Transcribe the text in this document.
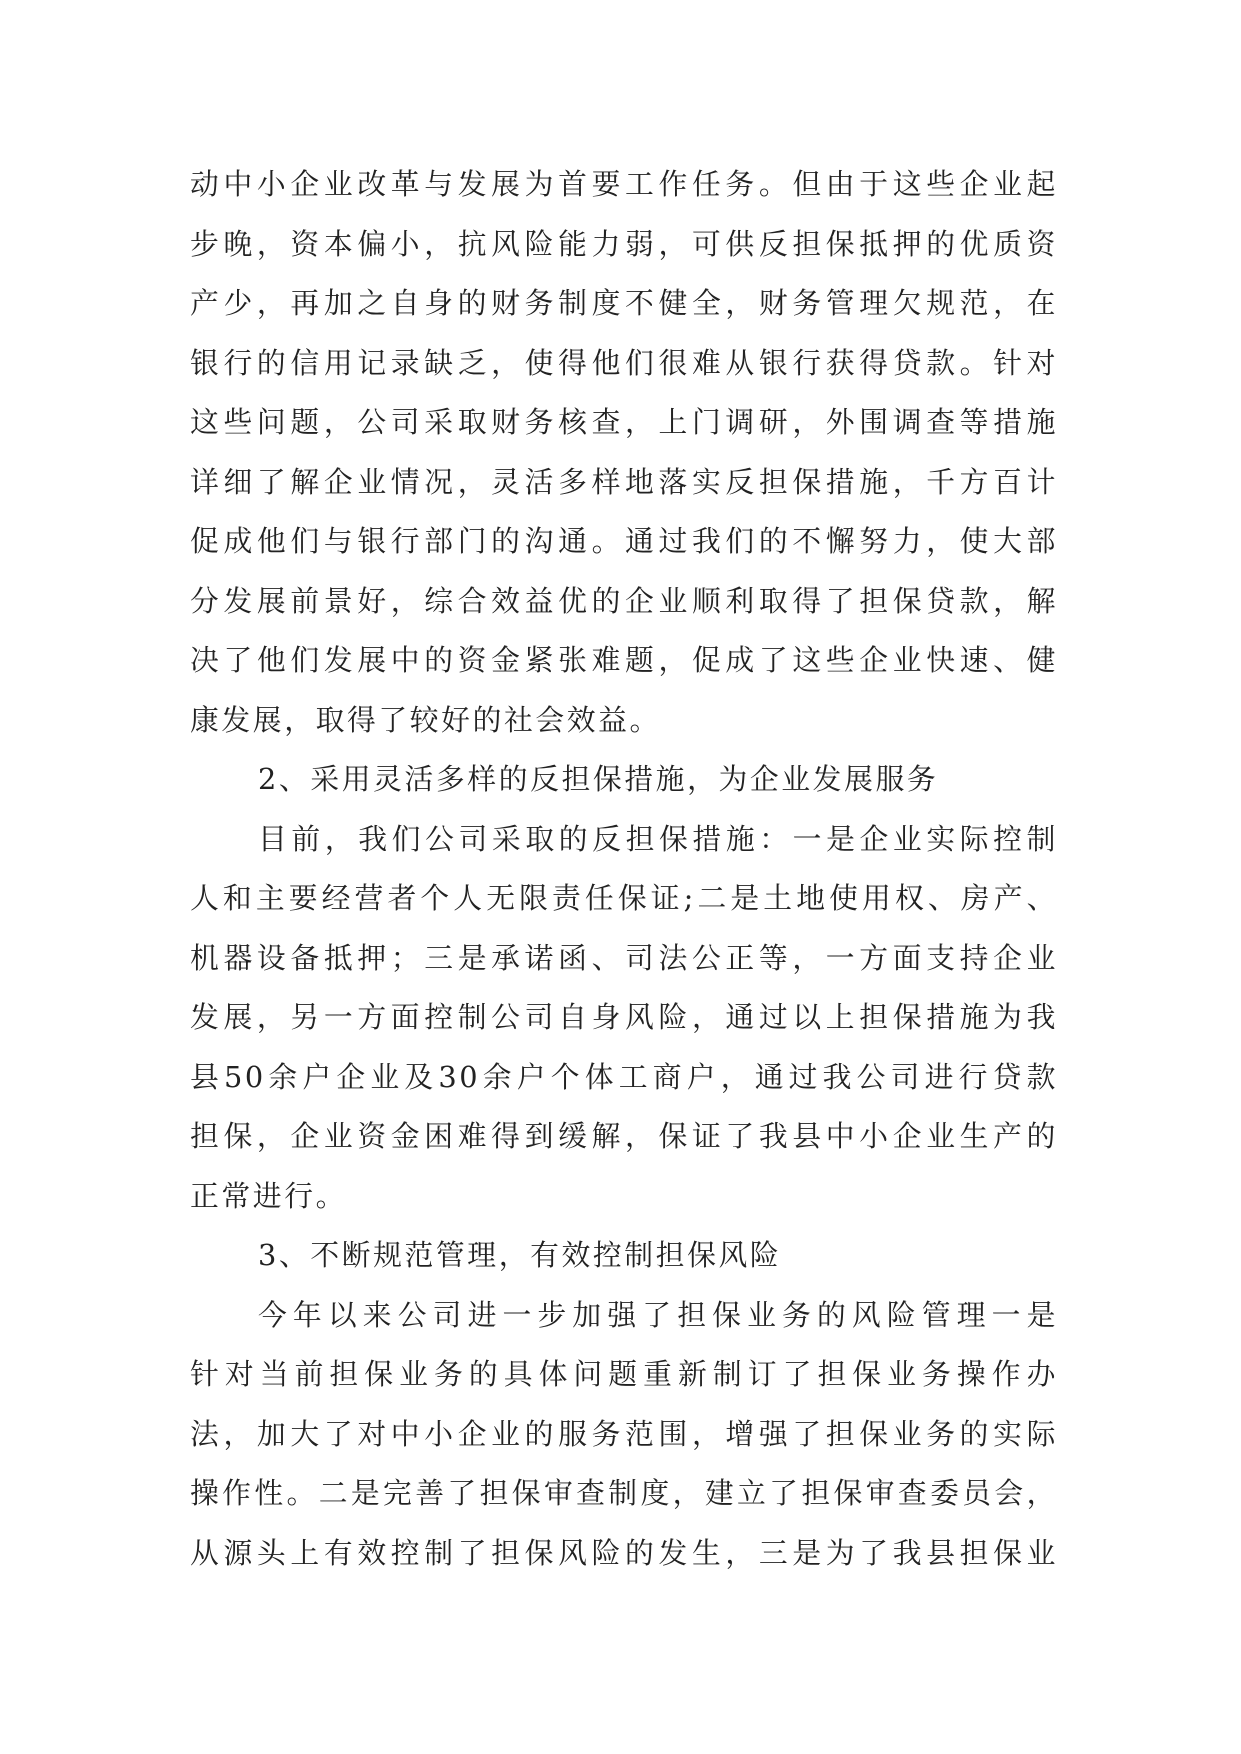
动中小企业改革与发展为首要工作任务。但由于这些企业起
步晚，资本偏小，抗风险能力弱，可供反担保抵押的优质资
产少，再加之自身的财务制度不健全，财务管理欠规范，在
银行的信用记录缺乏，使得他们很难从银行获得贷款。针对
这些问题，公司采取财务核查，上门调研，外围调查等措施
详细了解企业情况，灵活多样地落实反担保措施，千方百计
促成他们与银行部门的沟通。通过我们的不懈努力，使大部
分发展前景好，综合效益优的企业顺利取得了担保贷款，解
决了他们发展中的资金紧张难题，促成了这些企业快速、健
康发展，取得了较好的社会效益。
2、采用灵活多样的反担保措施，为企业发展服务
目前，我们公司采取的反担保措施：一是企业实际控制
人和主要经营者个人无限责任保证;二是土地使用权、房产、
机器设备抵押；三是承诺函、司法公正等，一方面支持企业
发展，另一方面控制公司自身风险，通过以上担保措施为我
县50余户企业及30余户个体工商户，通过我公司进行贷款
担保，企业资金困难得到缓解，保证了我县中小企业生产的
正常进行。
3、不断规范管理，有效控制担保风险
今年以来公司进一步加强了担保业务的风险管理一是
针对当前担保业务的具体问题重新制订了担保业务操作办
法，加大了对中小企业的服务范围，增强了担保业务的实际
操作性。二是完善了担保审查制度，建立了担保审查委员会，
从源头上有效控制了担保风险的发生，三是为了我县担保业
